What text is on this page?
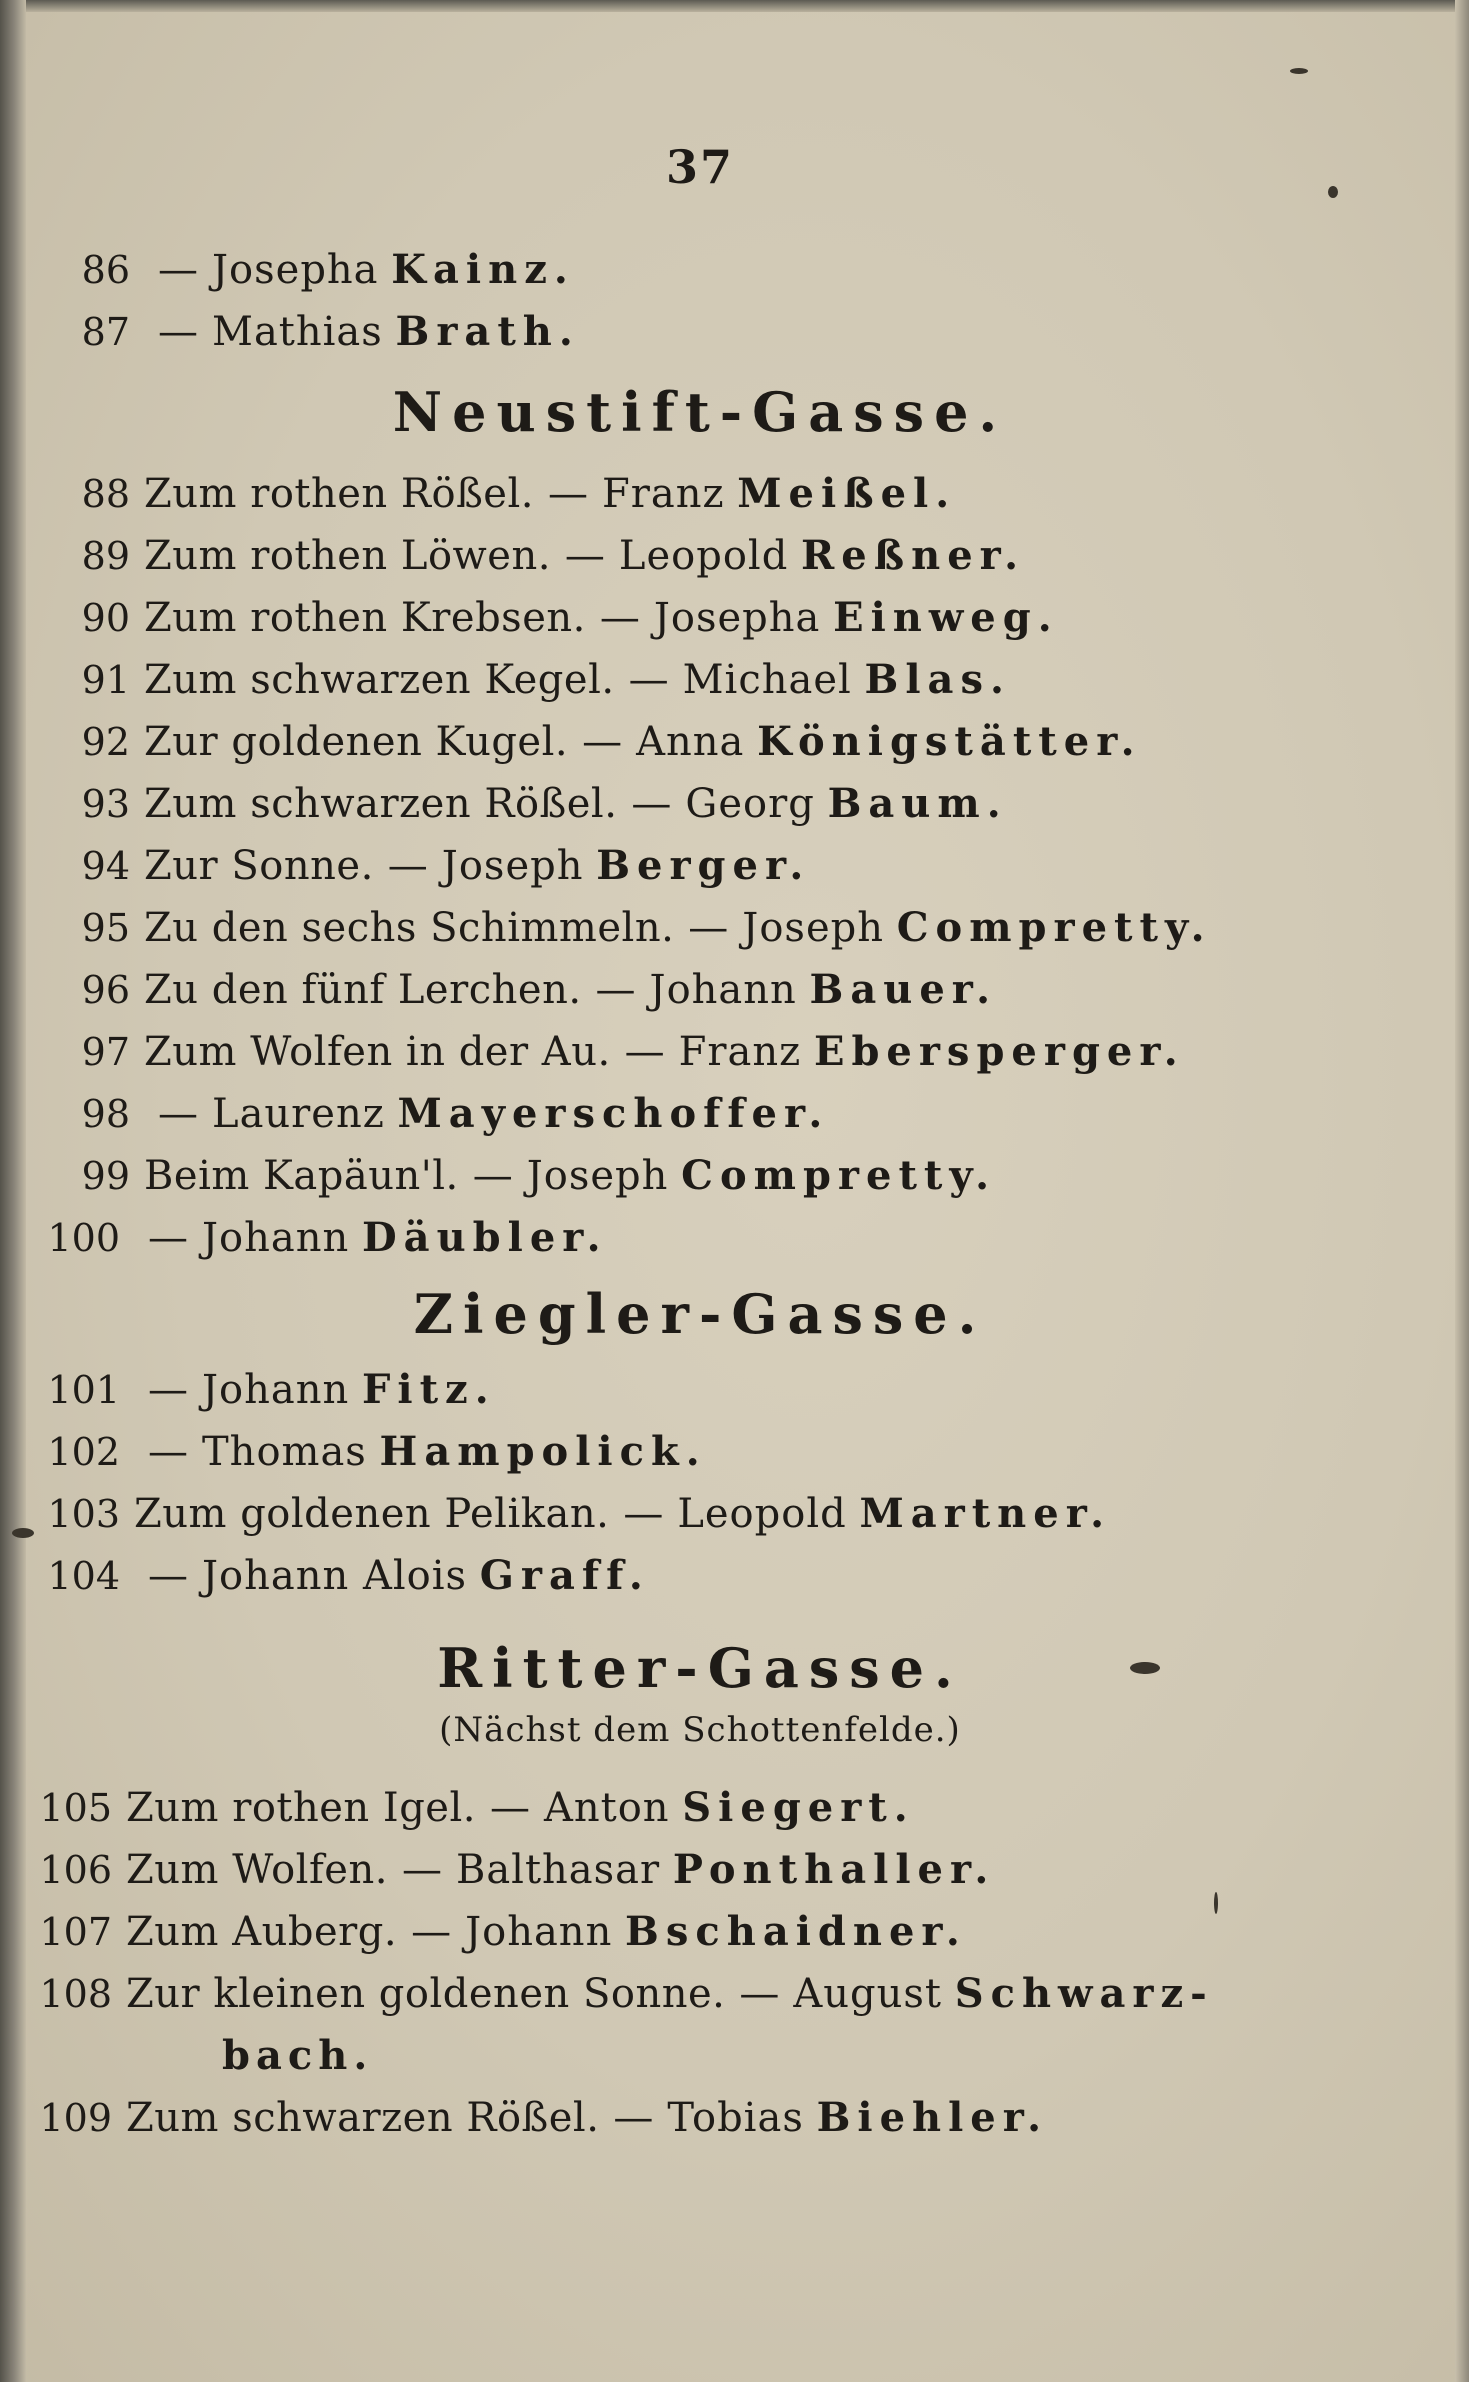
37
86 — Josepha Kainz.
87 — Mathias Brath.
Neustift-Gasse.
88 Zum rothen Rößel. — Franz Meißel.
89 Zum rothen Löwen. — Leopold Reßner.
90 Zum rothen Krebsen. — Josepha Einweg.
91 Zum schwarzen Kegel. — Michael Blas.
92 Zur goldenen Kugel. — Anna Königstätter.
93 Zum schwarzen Rößel. — Georg Baum.
94 Zur Sonne. — Joseph Berger.
95 Zu den sechs Schimmeln. — Joseph Compretty.
96 Zu den fünf Lerchen. — Johann Bauer.
97 Zum Wolfen in der Au. — Franz Ebersperger.
98 — Laurenz Mayerschoffer.
99 Beim Kapäun'l. — Joseph Compretty.
100 — Johann Däubler.
Ziegler-Gasse.
101 — Johann Fitz.
102 — Thomas Hampolick.
103 Zum goldenen Pelikan. — Leopold Martner.
104 — Johann Alois Graff.
Ritter-Gasse.
(Nächst dem Schottenfelde.)
105 Zum rothen Igel. — Anton Siegert.
106 Zum Wolfen. — Balthasar Ponthaller.
107 Zum Auberg. — Johann Bschaidner.
108 Zur kleinen goldenen Sonne. — August Schwarz-
bach.
109 Zum schwarzen Rößel. — Tobias Biehler.
